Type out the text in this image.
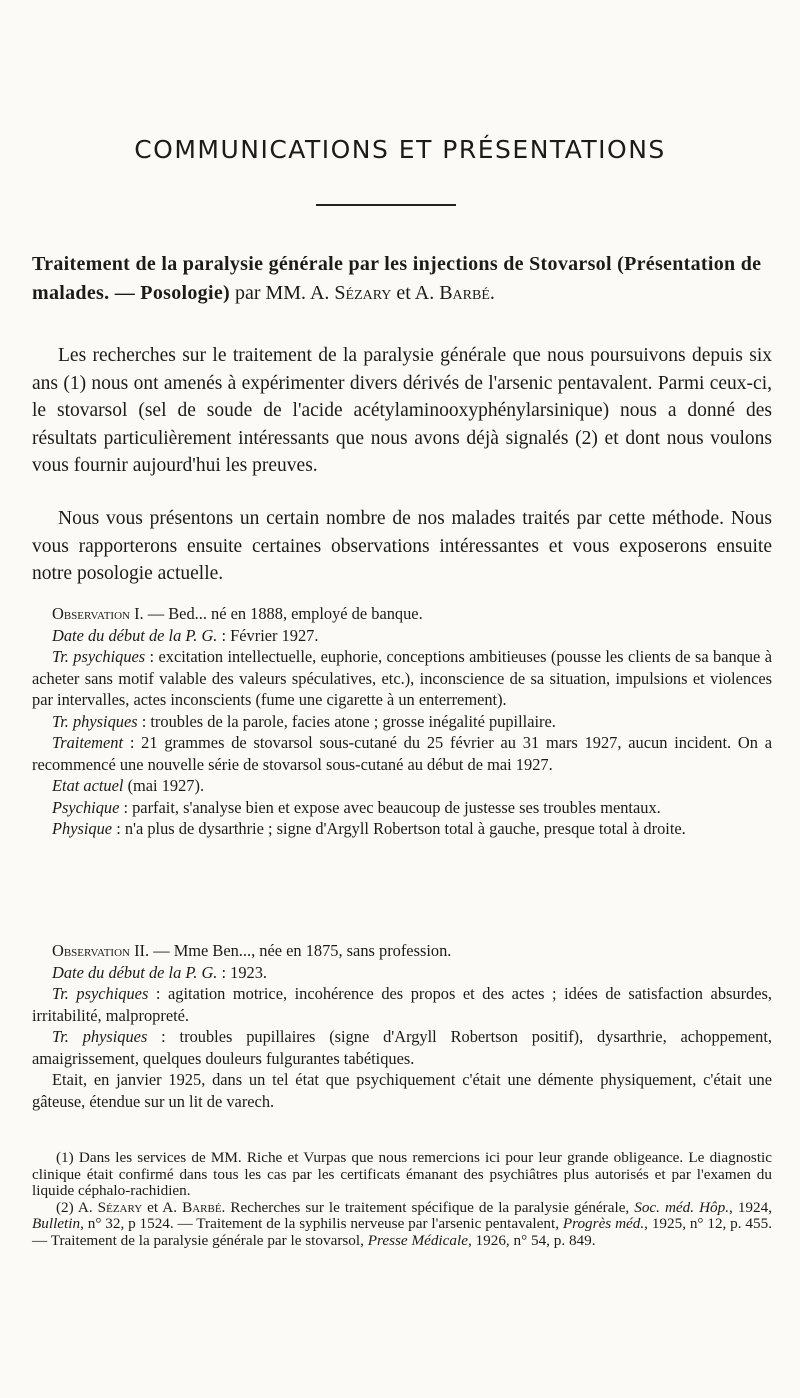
COMMUNICATIONS ET PRÉSENTATIONS
Traitement de la paralysie générale par les injections de Stovarsol (Présentation de malades. — Posologie) par MM. A. Sézary et A. Barbé.

Les recherches sur le traitement de la paralysie générale que nous poursuivons depuis six ans (1) nous ont amenés à expérimenter divers dérivés de l'arsenic pentavalent. Parmi ceux-ci, le stovarsol (sel de soude de l'acide acétylaminooxyphénylarsinique) nous a donné des résultats particulièrement intéressants que nous avons déjà signalés (2) et dont nous voulons vous fournir aujourd'hui les preuves.

Nous vous présentons un certain nombre de nos malades traités par cette méthode. Nous vous rapporterons ensuite certaines observations intéressantes et vous exposerons ensuite notre posologie actuelle.

Observation I. — Bed... né en 1888, employé de banque.

Date du début de la P. G. : Février 1927.

Tr. psychiques : excitation intellectuelle, euphorie, conceptions ambitieuses (pousse les clients de sa banque à acheter sans motif valable des valeurs spéculatives, etc.), inconscience de sa situation, impulsions et violences par intervalles, actes inconscients (fume une cigarette à un enterrement).

Tr. physiques : troubles de la parole, facies atone ; grosse inégalité pupillaire.

Traitement : 21 grammes de stovarsol sous-cutané du 25 février au 31 mars 1927, aucun incident. On a recommencé une nouvelle série de stovarsol sous-cutané au début de mai 1927.

Etat actuel (mai 1927).

Psychique : parfait, s'analyse bien et expose avec beaucoup de justesse ses troubles mentaux.

Physique : n'a plus de dysarthrie ; signe d'Argyll Robertson total à gauche, presque total à droite.

Observation II. — Mme Ben..., née en 1875, sans profession.

Date du début de la P. G. : 1923.

Tr. psychiques : agitation motrice, incohérence des propos et des actes ; idées de satisfaction absurdes, irritabilité, malpropreté.

Tr. physiques : troubles pupillaires (signe d'Argyll Robertson positif), dysarthrie, achoppement, amaigrissement, quelques douleurs fulgurantes tabétiques.

Etait, en janvier 1925, dans un tel état que psychiquement c'était une démente physiquement, c'était une gâteuse, étendue sur un lit de varech.

(1) Dans les services de MM. Riche et Vurpas que nous remercions ici pour leur grande obligeance. Le diagnostic clinique était confirmé dans tous les cas par les certificats émanant des psychiâtres plus autorisés et par l'examen du liquide céphalo-rachidien.

(2) A. Sézary et A. Barbé. Recherches sur le traitement spécifique de la paralysie générale, Soc. méd. Hôp., 1924, Bulletin, n° 32, p 1524. — Traitement de la syphilis nerveuse par l'arsenic pentavalent, Progrès méd., 1925, n° 12, p. 455. — Traitement de la paralysie générale par le stovarsol, Presse Médicale, 1926, n° 54, p. 849.
